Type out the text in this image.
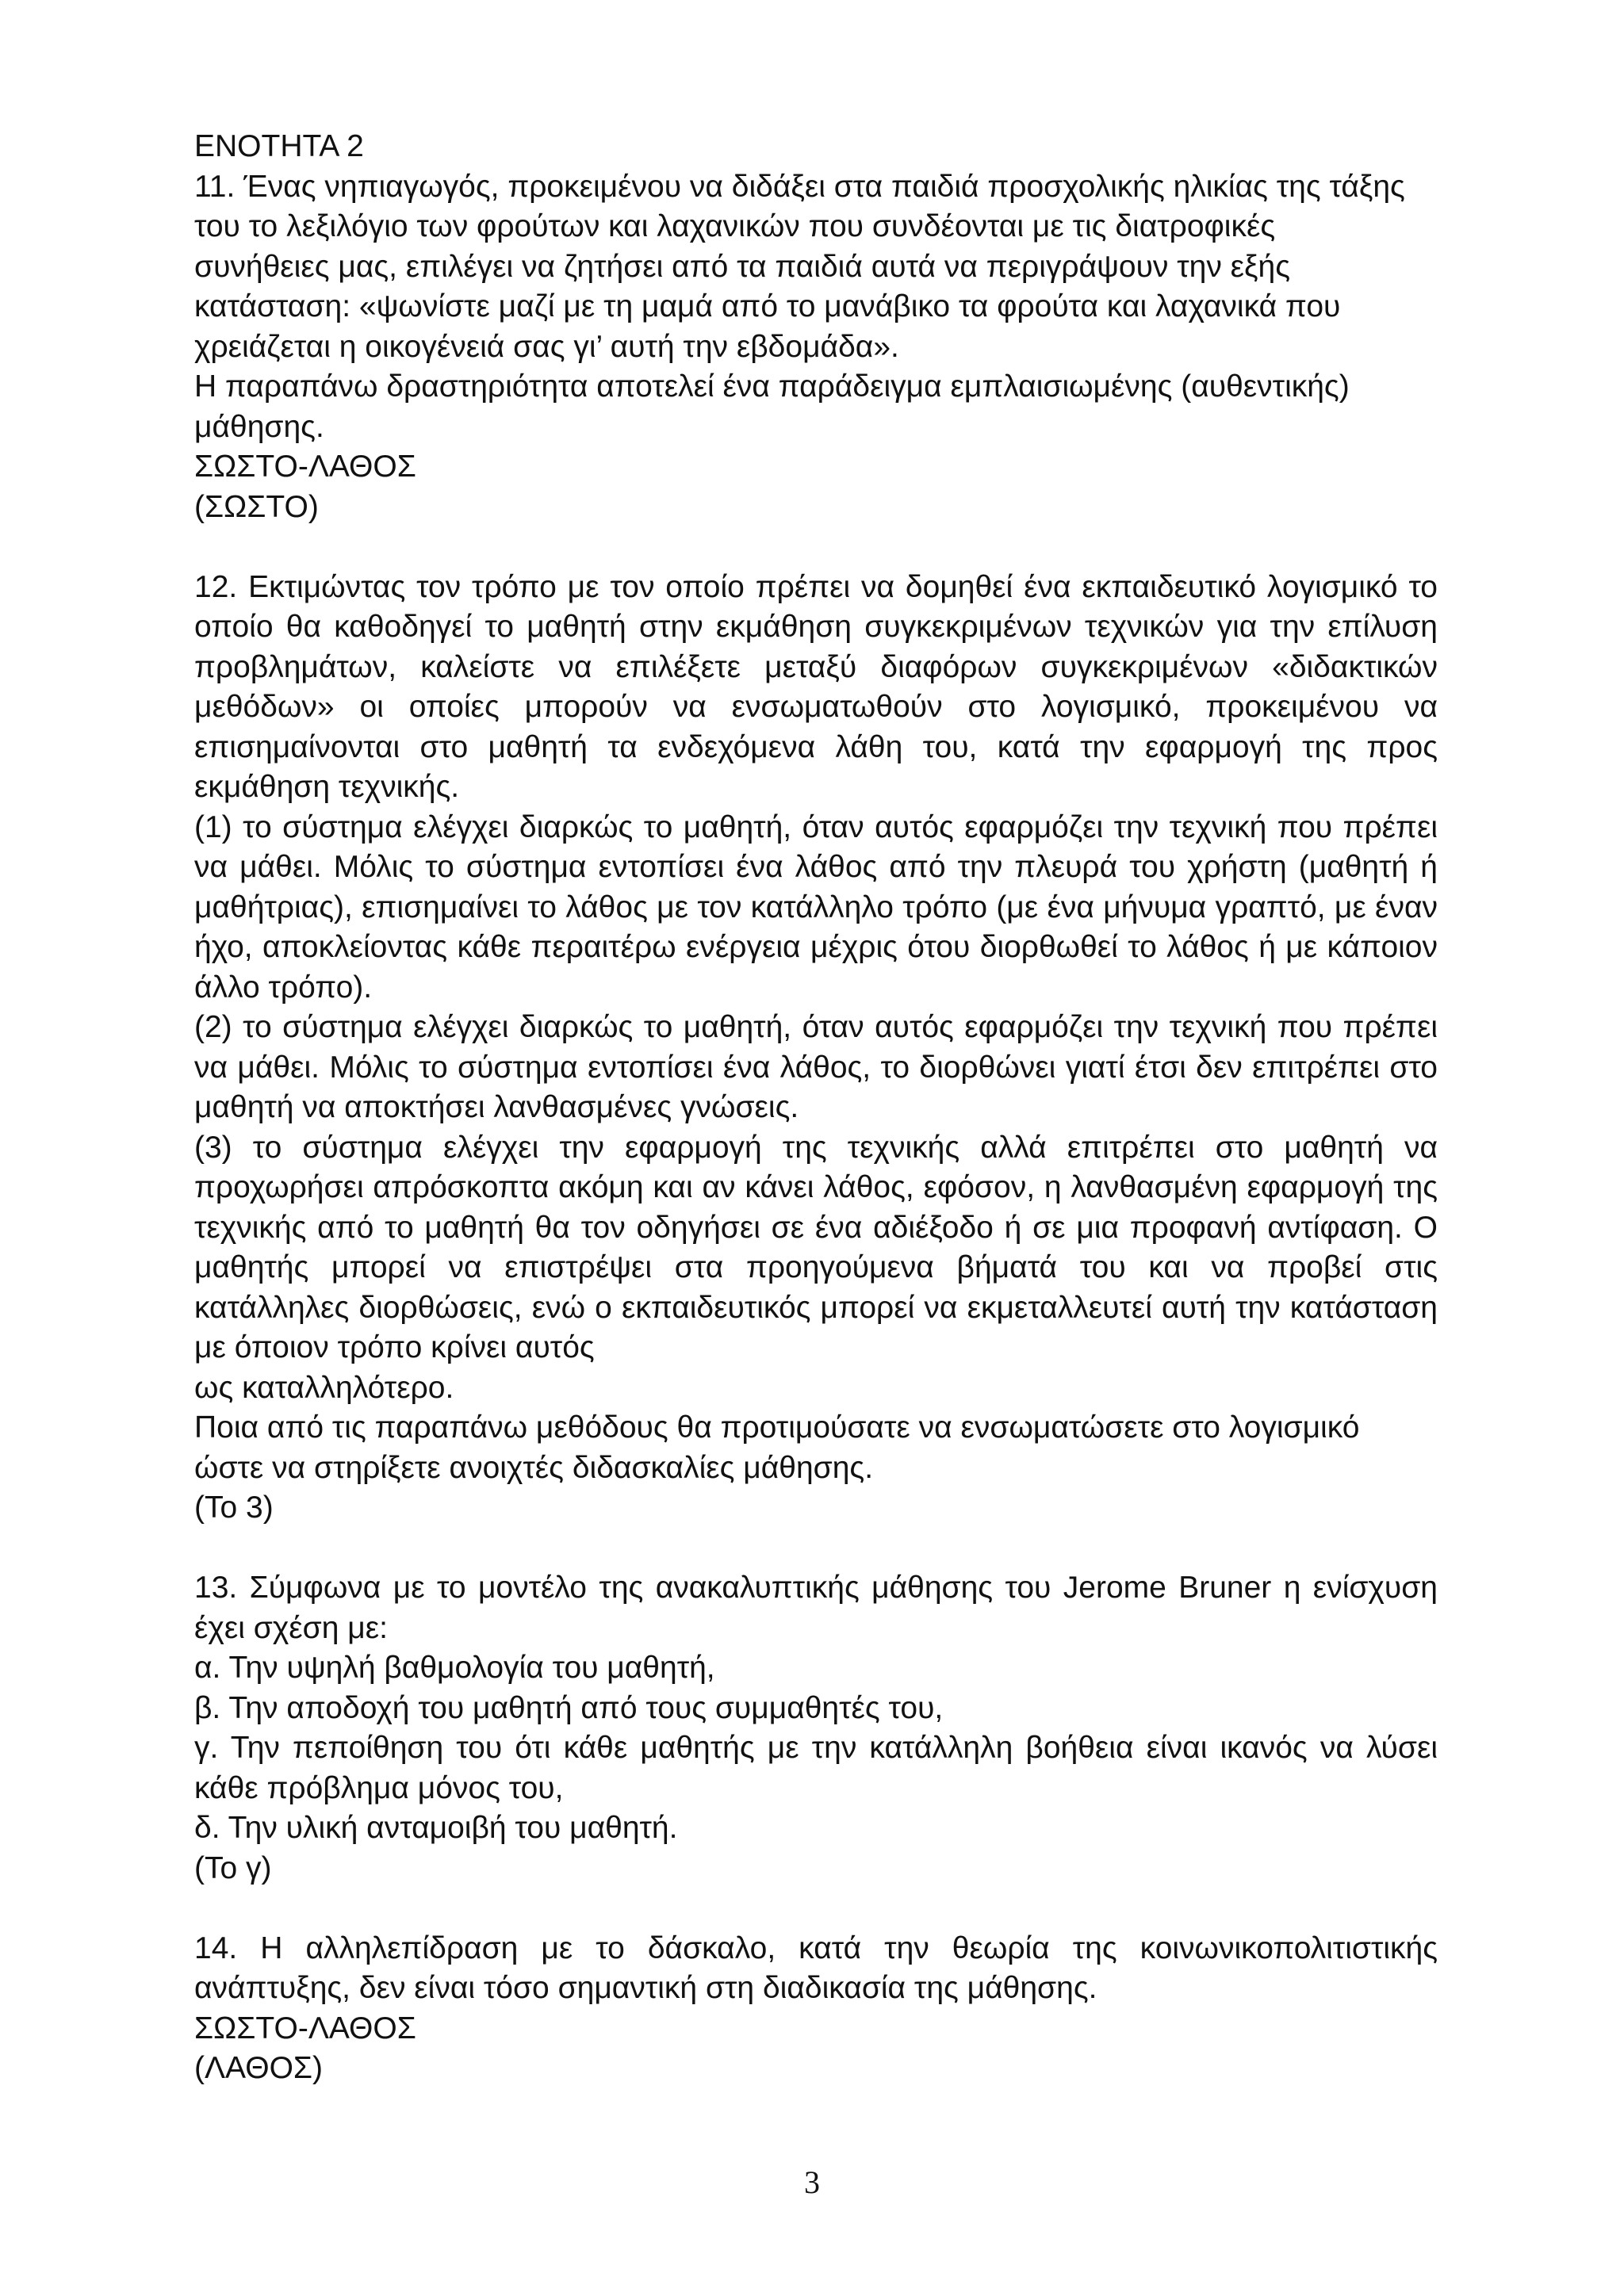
ΕΝΟΤΗΤΑ 2
11. Ένας νηπιαγωγός, προκειμένου να διδάξει στα παιδιά προσχολικής ηλικίας της τάξης
του το λεξιλόγιο των φρούτων και λαχανικών που συνδέονται με τις διατροφικές
συνήθειες μας, επιλέγει να ζητήσει από τα παιδιά αυτά να περιγράψουν την εξής
κατάσταση: «ψωνίστε μαζί με τη μαμά από το μανάβικο τα φρούτα και λαχανικά που
χρειάζεται η οικογένειά σας γι’ αυτή την εβδομάδα».
Η παραπάνω δραστηριότητα αποτελεί ένα παράδειγμα εμπλαισιωμένης (αυθεντικής)
μάθησης.
ΣΩΣΤΟ-ΛΑΘΟΣ
(ΣΩΣΤΟ)
12. Εκτιμώντας τον τρόπο με τον οποίο πρέπει να δομηθεί ένα εκπαιδευτικό λογισμικό το οποίο θα καθοδηγεί το μαθητή στην εκμάθηση συγκεκριμένων τεχνικών για την επίλυση προβλημάτων, καλείστε να επιλέξετε μεταξύ διαφόρων συγκεκριμένων «διδακτικών μεθόδων» οι οποίες μπορούν να ενσωματωθούν στο λογισμικό, προκειμένου να επισημαίνονται στο μαθητή τα ενδεχόμενα λάθη του, κατά την εφαρμογή της προς εκμάθηση τεχνικής.
(1) το σύστημα ελέγχει διαρκώς το μαθητή, όταν αυτός εφαρμόζει την τεχνική που πρέπει να μάθει. Μόλις το σύστημα εντοπίσει ένα λάθος από την πλευρά του χρήστη (μαθητή ή μαθήτριας), επισημαίνει το λάθος με τον κατάλληλο τρόπο (με ένα μήνυμα γραπτό, με έναν ήχο, αποκλείοντας κάθε περαιτέρω ενέργεια μέχρις ότου διορθωθεί το λάθος ή με κάποιον άλλο τρόπο).
(2) το σύστημα ελέγχει διαρκώς το μαθητή, όταν αυτός εφαρμόζει την τεχνική που πρέπει να μάθει. Μόλις το σύστημα εντοπίσει ένα λάθος, το διορθώνει γιατί έτσι δεν επιτρέπει στο μαθητή να αποκτήσει λανθασμένες γνώσεις.
(3) το σύστημα ελέγχει την εφαρμογή της τεχνικής αλλά επιτρέπει στο μαθητή να προχωρήσει απρόσκοπτα ακόμη και αν κάνει λάθος, εφόσον, η λανθασμένη εφαρμογή της τεχνικής από το μαθητή θα τον οδηγήσει σε ένα αδιέξοδο ή σε μια προφανή αντίφαση. Ο μαθητής μπορεί να επιστρέψει στα προηγούμενα βήματά του και να προβεί στις κατάλληλες διορθώσεις, ενώ ο εκπαιδευτικός μπορεί να εκμεταλλευτεί αυτή την κατάσταση με όποιον τρόπο κρίνει αυτός
ως καταλληλότερο.
Ποια από τις παραπάνω μεθόδους θα προτιμούσατε να ενσωματώσετε στο λογισμικό
ώστε να στηρίξετε ανοιχτές διδασκαλίες μάθησης.
(Το 3)
13. Σύμφωνα με το μοντέλο της ανακαλυπτικής μάθησης του Jerome Bruner η ενίσχυση έχει σχέση με:
α. Την υψηλή βαθμολογία του μαθητή,
β. Την αποδοχή του μαθητή από τους συμμαθητές του,
γ. Την πεποίθηση του ότι κάθε μαθητής με την κατάλληλη βοήθεια είναι ικανός να λύσει κάθε πρόβλημα μόνος του,
δ. Την υλική ανταμοιβή του μαθητή.
(Το γ)
14. Η αλληλεπίδραση με το δάσκαλο, κατά την θεωρία της κοινωνικοπολιτιστικής ανάπτυξης, δεν είναι τόσο σημαντική στη διαδικασία της μάθησης.
ΣΩΣΤΟ-ΛΑΘΟΣ
(ΛΑΘΟΣ)
3
